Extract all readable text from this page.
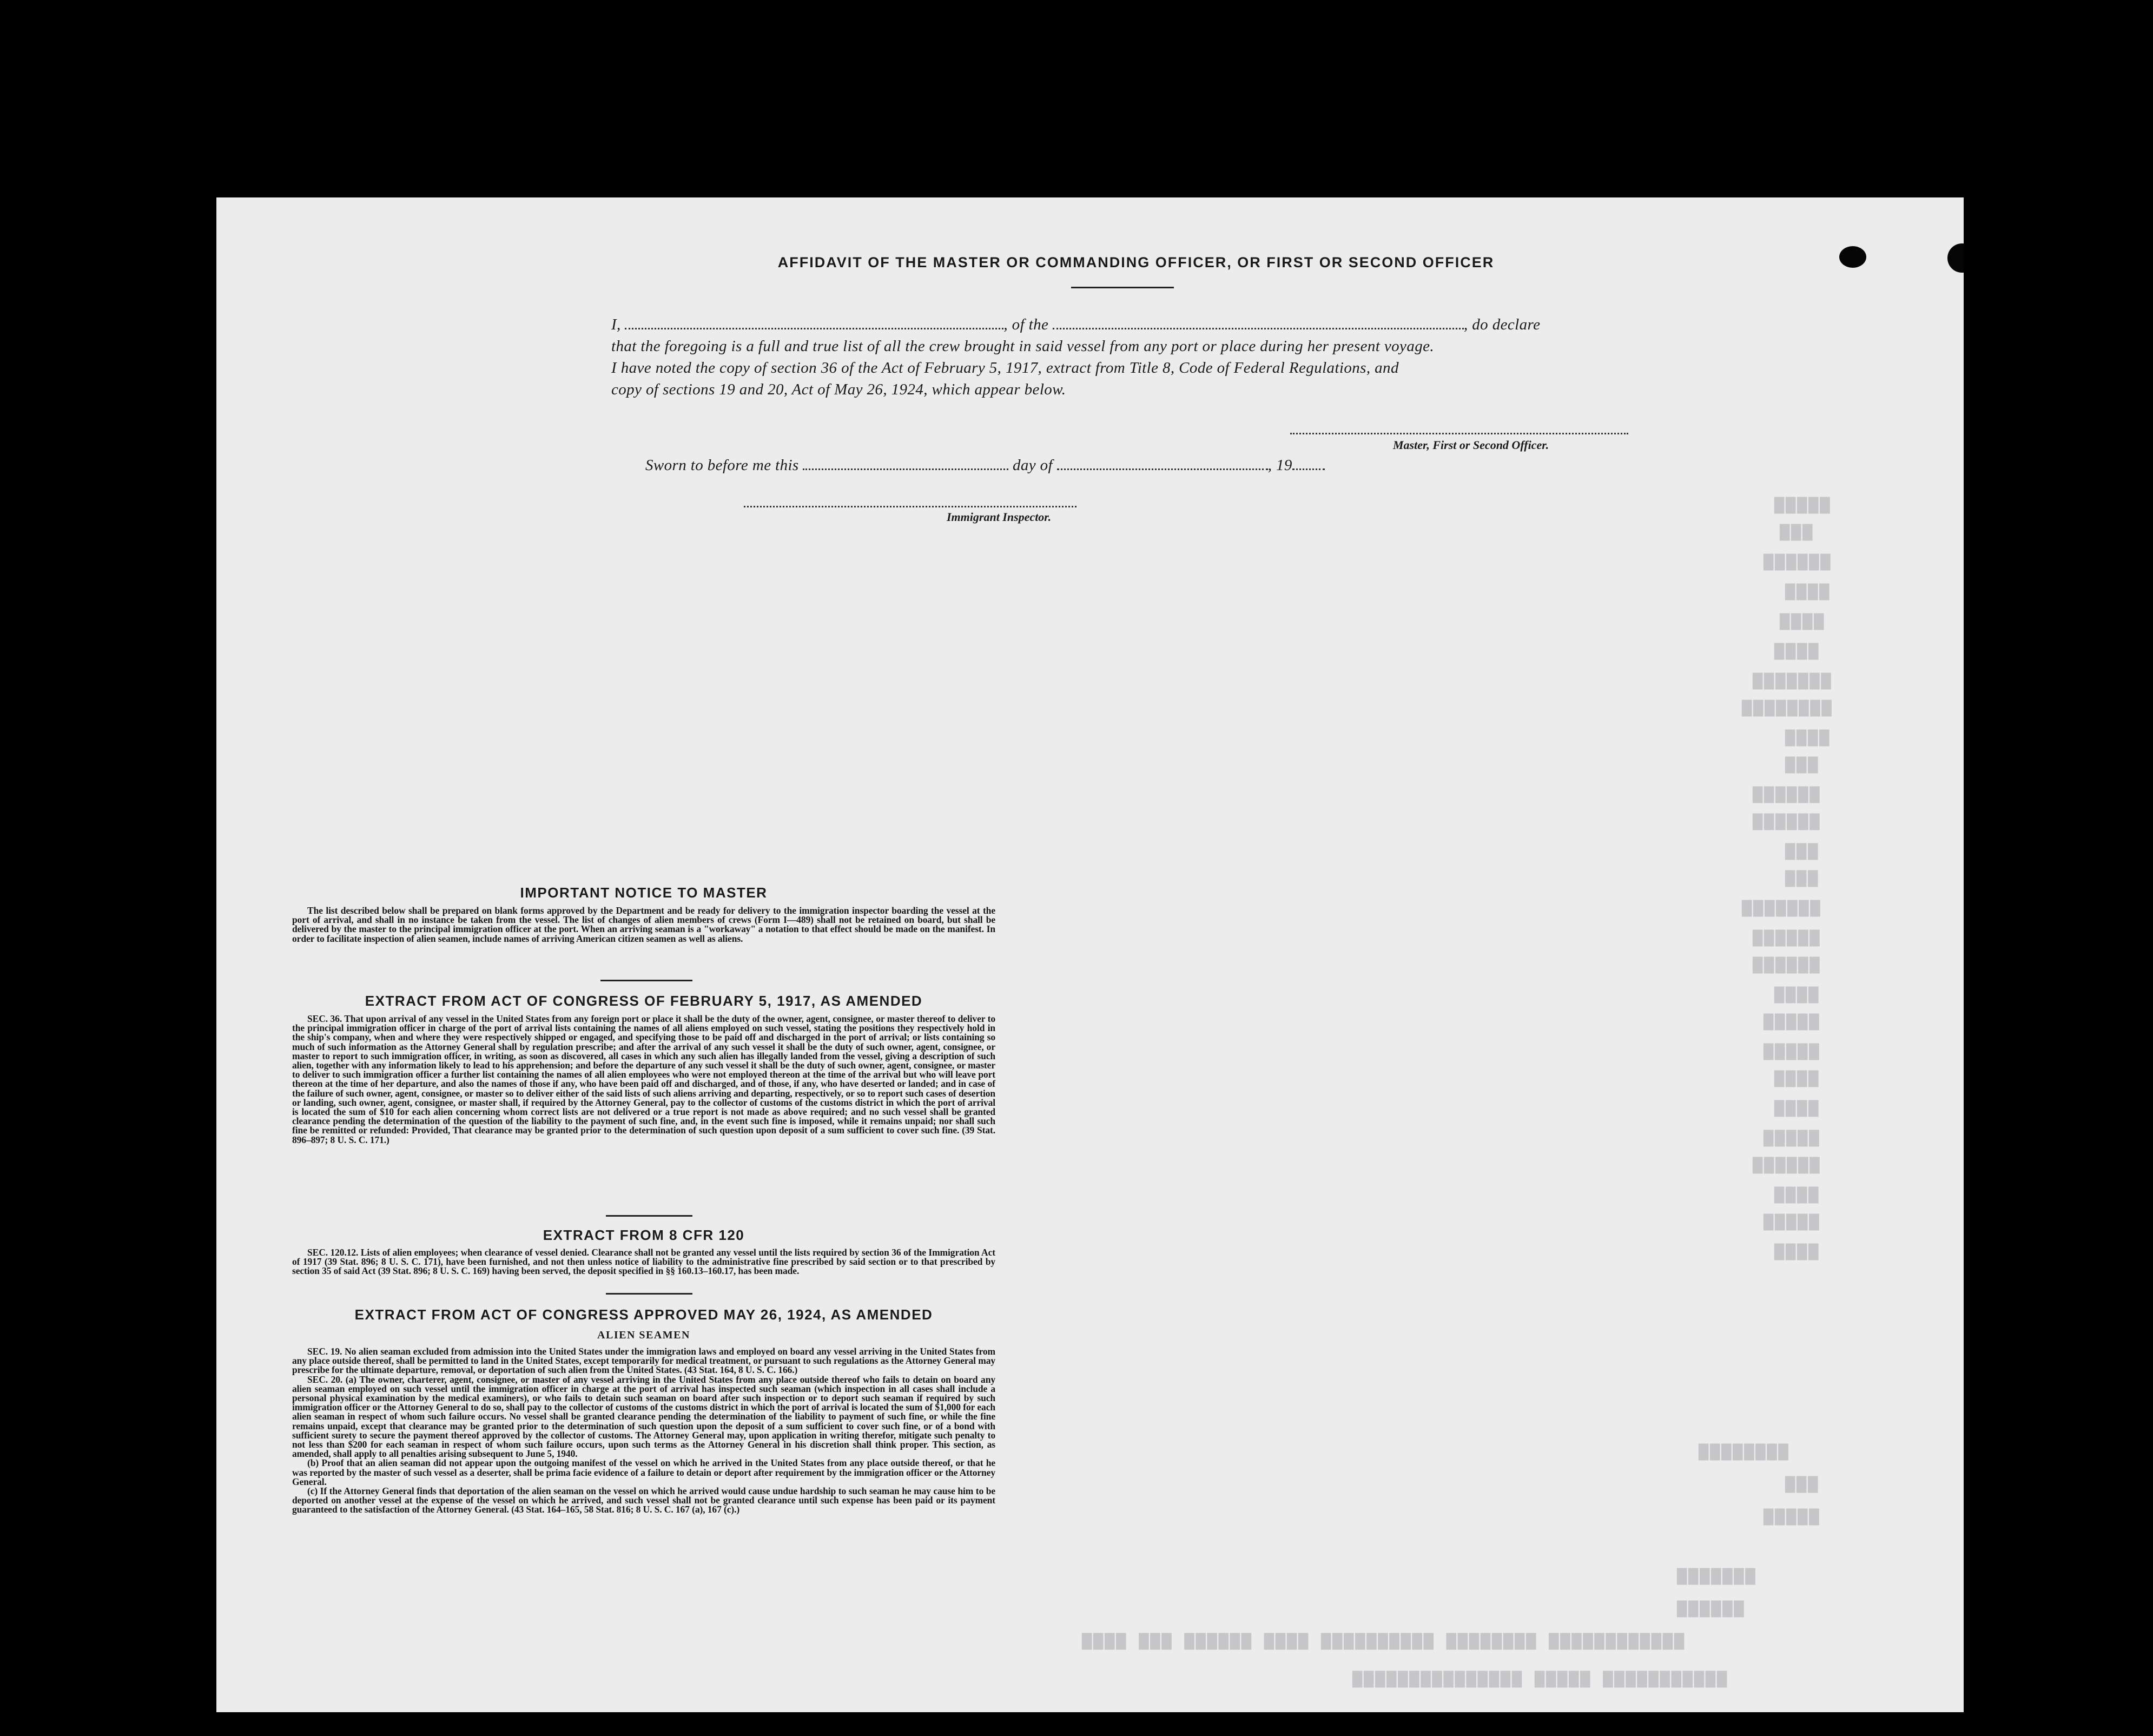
▇▇▇▇▇
▇▇▇
▇▇▇▇▇▇
▇▇▇▇
▇▇▇▇
▇▇▇▇
▇▇▇▇▇▇▇
▇▇▇▇▇▇▇▇
▇▇▇▇
▇▇▇
▇▇▇▇▇▇
▇▇▇▇▇▇
▇▇▇
▇▇▇
▇▇▇▇▇▇▇
▇▇▇▇▇▇
▇▇▇▇▇▇
▇▇▇▇
▇▇▇▇▇
▇▇▇▇▇
▇▇▇▇
▇▇▇▇
▇▇▇▇▇
▇▇▇▇▇▇
▇▇▇▇
▇▇▇▇▇
▇▇▇▇
▇▇▇▇▇▇▇▇
▇▇▇
▇▇▇▇▇
▇▇▇▇▇▇▇
▇▇▇▇▇▇
▇▇▇▇ ▇▇▇ ▇▇▇▇▇▇ ▇▇▇▇ ▇▇▇▇▇▇▇▇▇▇ ▇▇▇▇▇▇▇▇ ▇▇▇▇▇▇▇▇▇▇▇▇
▇▇▇▇▇▇▇▇▇▇▇▇▇▇▇ ▇▇▇▇▇ ▇▇▇▇▇▇▇▇▇▇▇
AFFIDAVIT OF THE MASTER OR COMMANDING OFFICER, OR FIRST OR SECOND OFFICER
I,	, of the	, do declare
that the foregoing is a full and true list of all the crew brought in said vessel from any port or place during her present voyage.
I have noted the copy of section 36 of the Act of February 5, 1917, extract from Title 8, Code of Federal Regulations, and
copy of sections 19 and 20, Act of May 26, 1924, which appear below.
Master, First or Second Officer.
Sworn to before me this	day of	, 19
Immigrant Inspector.
IMPORTANT NOTICE TO MASTER

The list described below shall be prepared on blank forms approved by the Department and be ready for delivery to the immigration inspector boarding the vessel at the port of arrival, and shall in no instance be taken from the vessel. The list of changes of alien members of crews (Form I—489) shall not be retained on board, but shall be delivered by the master to the principal immigration officer at the port. When an arriving seaman is a "workaway" a notation to that effect should be made on the manifest. In order to facilitate inspection of alien seamen, include names of arriving American citizen seamen as well as aliens.

EXTRACT FROM ACT OF CONGRESS OF FEBRUARY 5, 1917, AS AMENDED

SEC. 36. That upon arrival of any vessel in the United States from any foreign port or place it shall be the duty of the owner, agent, consignee, or master thereof to deliver to the principal immigration officer in charge of the port of arrival lists containing the names of all aliens employed on such vessel, stating the positions they respectively hold in the ship's company, when and where they were respectively shipped or engaged, and specifying those to be paid off and discharged in the port of arrival; or lists containing so much of such information as the Attorney General shall by regulation prescribe; and after the arrival of any such vessel it shall be the duty of such owner, agent, consignee, or master to report to such immigration officer, in writing, as soon as discovered, all cases in which any such alien has illegally landed from the vessel, giving a description of such alien, together with any information likely to lead to his apprehension; and before the departure of any such vessel it shall be the duty of such owner, agent, consignee, or master to deliver to such immigration officer a further list containing the names of all alien employees who were not employed thereon at the time of the arrival but who will leave port thereon at the time of her departure, and also the names of those if any, who have been paid off and discharged, and of those, if any, who have deserted or landed; and in case of the failure of such owner, agent, consignee, or master so to deliver either of the said lists of such aliens arriving and departing, respectively, or so to report such cases of desertion or landing, such owner, agent, consignee, or master shall, if required by the Attorney General, pay to the collector of customs of the customs district in which the port of arrival is located the sum of $10 for each alien concerning whom correct lists are not delivered or a true report is not made as above required; and no such vessel shall be granted clearance pending the determination of the question of the liability to the payment of such fine, and, in the event such fine is imposed, while it remains unpaid; nor shall such fine be remitted or refunded: Provided, That clearance may be granted prior to the determination of such question upon deposit of a sum sufficient to cover such fine. (39 Stat. 896–897; 8 U. S. C. 171.)

EXTRACT FROM 8 CFR 120

SEC. 120.12. Lists of alien employees; when clearance of vessel denied. Clearance shall not be granted any vessel until the lists required by section 36 of the Immigration Act of 1917 (39 Stat. 896; 8 U. S. C. 171), have been furnished, and not then unless notice of liability to the administrative fine prescribed by said section or to that prescribed by section 35 of said Act (39 Stat. 896; 8 U. S. C. 169) having been served, the deposit specified in §§ 160.13–160.17, has been made.

EXTRACT FROM ACT OF CONGRESS APPROVED MAY 26, 1924, AS AMENDED
ALIEN SEAMEN

SEC. 19. No alien seaman excluded from admission into the United States under the immigration laws and employed on board any vessel arriving in the United States from any place outside thereof, shall be permitted to land in the United States, except temporarily for medical treatment, or pursuant to such regulations as the Attorney General may prescribe for the ultimate departure, removal, or deportation of such alien from the United States. (43 Stat. 164, 8 U. S. C. 166.)

SEC. 20. (a) The owner, charterer, agent, consignee, or master of any vessel arriving in the United States from any place outside thereof who fails to detain on board any alien seaman employed on such vessel until the immigration officer in charge at the port of arrival has inspected such seaman (which inspection in all cases shall include a personal physical examination by the medical examiners), or who fails to detain such seaman on board after such inspection or to deport such seaman if required by such immigration officer or the Attorney General to do so, shall pay to the collector of customs of the customs district in which the port of arrival is located the sum of $1,000 for each alien seaman in respect of whom such failure occurs. No vessel shall be granted clearance pending the determination of the liability to payment of such fine, or while the fine remains unpaid, except that clearance may be granted prior to the determination of such question upon the deposit of a sum sufficient to cover such fine, or of a bond with sufficient surety to secure the payment thereof approved by the collector of customs. The Attorney General may, upon application in writing therefor, mitigate such penalty to not less than $200 for each seaman in respect of whom such failure occurs, upon such terms as the Attorney General in his discretion shall think proper. This section, as amended, shall apply to all penalties arising subsequent to June 5, 1940.

(b) Proof that an alien seaman did not appear upon the outgoing manifest of the vessel on which he arrived in the United States from any place outside thereof, or that he was reported by the master of such vessel as a deserter, shall be prima facie evidence of a failure to detain or deport after requirement by the immigration officer or the Attorney General.

(c) If the Attorney General finds that deportation of the alien seaman on the vessel on which he arrived would cause undue hardship to such seaman he may cause him to be deported on another vessel at the expense of the vessel on which he arrived, and such vessel shall not be granted clearance until such expense has been paid or its payment guaranteed to the satisfaction of the Attorney General. (43 Stat. 164–165, 58 Stat. 816; 8 U. S. C. 167 (a), 167 (c).)
